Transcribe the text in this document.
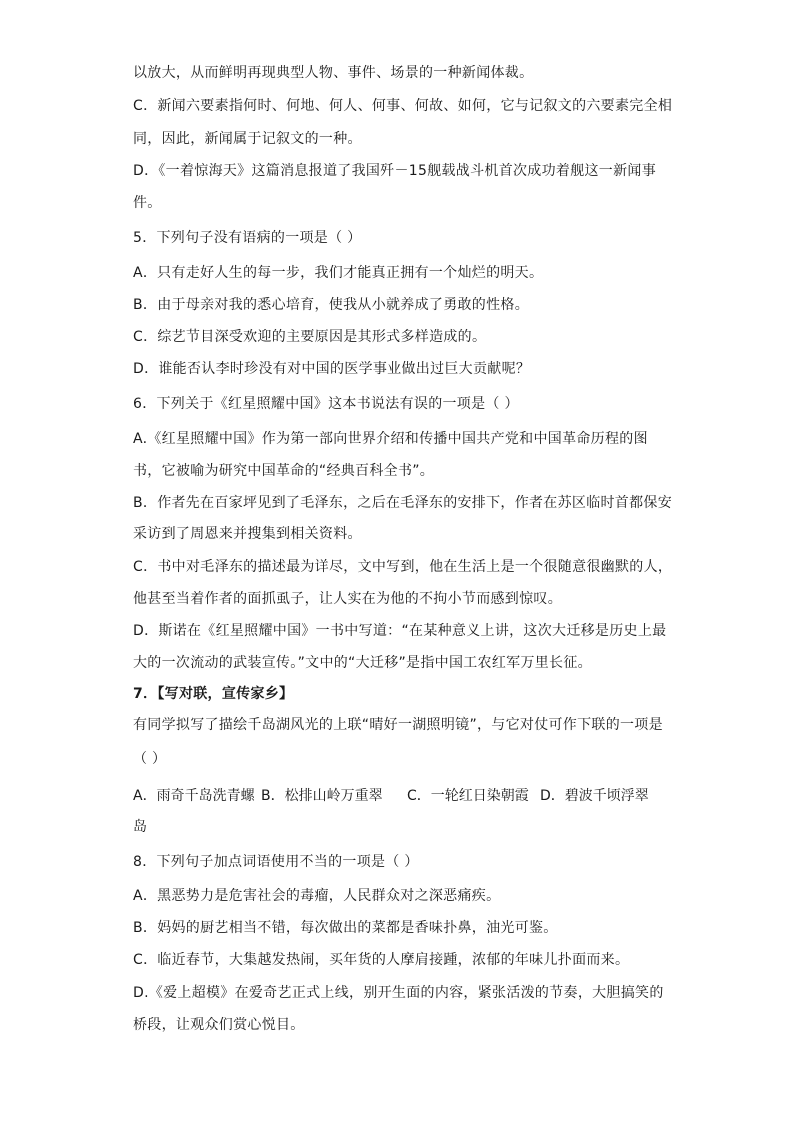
以放大，从而鲜明再现典型人物、事件、场景的一种新闻体裁。
C．新闻六要素指何时、何地、何人、何事、何故、如何，它与记叙文的六要素完全相
同，因此，新闻属于记叙文的一种。
D．《一着惊海天》这篇消息报道了我国歼－15舰载战斗机首次成功着舰这一新闻事
件。
5．下列句子没有语病的一项是（ ）
A．只有走好人生的每一步，我们才能真正拥有一个灿烂的明天。
B．由于母亲对我的悉心培育，使我从小就养成了勇敢的性格。
C．综艺节目深受欢迎的主要原因是其形式多样造成的。
D．谁能否认李时珍没有对中国的医学事业做出过巨大贡献呢？
6．下列关于《红星照耀中国》这本书说法有误的一项是（ ）
A.《红星照耀中国》作为第一部向世界介绍和传播中国共产党和中国革命历程的图
书，它被喻为研究中国革命的“经典百科全书”。
B．作者先在百家坪见到了毛泽东，之后在毛泽东的安排下，作者在苏区临时首都保安
采访到了周恩来并搜集到相关资料。
C．书中对毛泽东的描述最为详尽，文中写到，他在生活上是一个很随意很幽默的人，
他甚至当着作者的面抓虱子，让人实在为他的不拘小节而感到惊叹。
D．斯诺在《红星照耀中国》一书中写道：“在某种意义上讲，这次大迁移是历史上最
大的一次流动的武装宣传。”文中的“大迁移”是指中国工农红军万里长征。
7．【写对联，宣传家乡】
有同学拟写了描绘千岛湖风光的上联“晴好一湖照明镜”，与它对仗可作下联的一项是
（ ）
A．雨奇千岛洗青螺 B．松排山岭万重翠 C．一轮红日染朝霞 D．碧波千顷浮翠
岛
8．下列句子加点词语使用不当的一项是（ ）
A．黑恶势力是危害社会的毒瘤，人民群众对之深恶痛疾。
B．妈妈的厨艺相当不错，每次做出的菜都是香味扑鼻，油光可鉴。
C．临近春节，大集越发热闹，买年货的人摩肩接踵，浓郁的年味儿扑面而来。
D.《爱上超模》在爱奇艺正式上线，别开生面的内容，紧张活泼的节奏，大胆搞笑的
桥段，让观众们赏心悦目。
